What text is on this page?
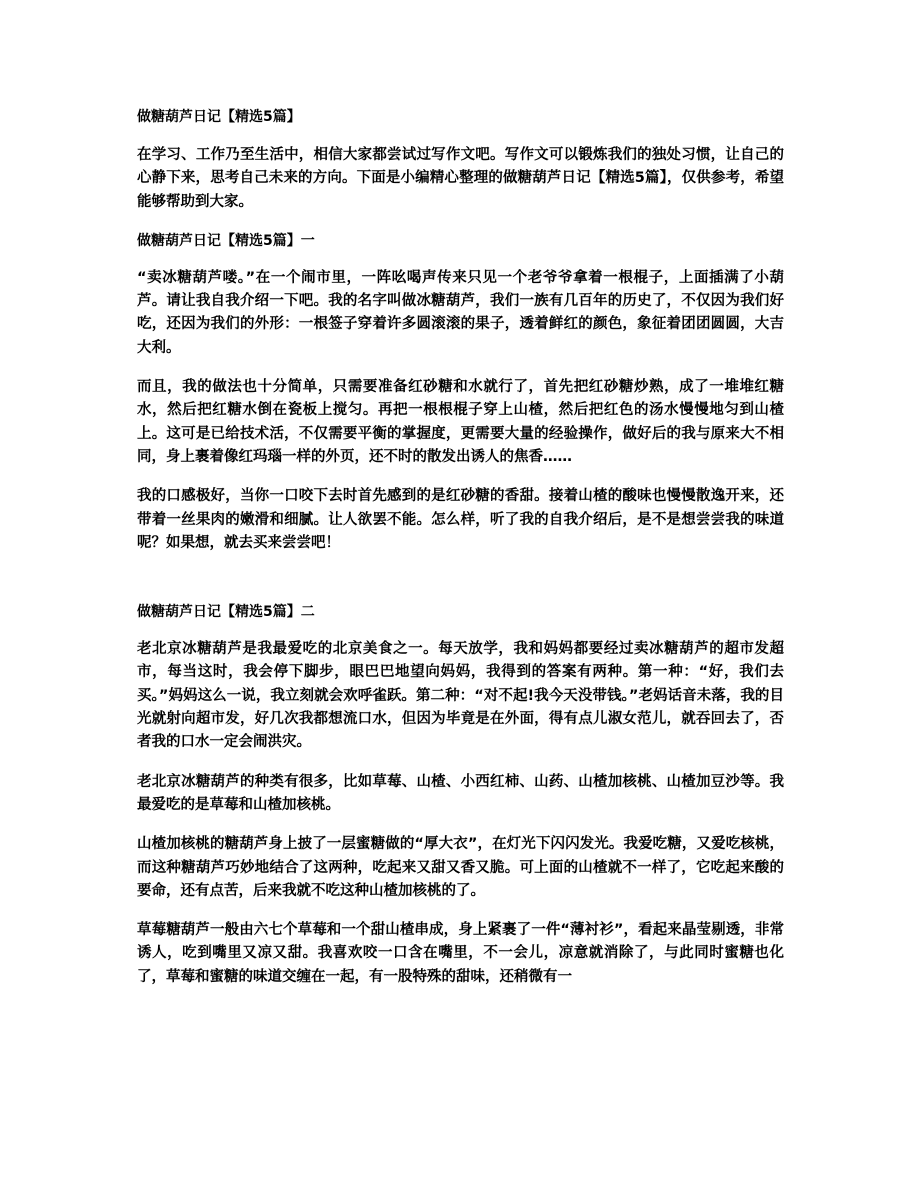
做糖葫芦日记【精选5篇】

在学习、工作乃至生活中，相信大家都尝试过写作文吧。写作文可以锻炼我们的独处习惯，让自己的心静下来，思考自己未来的方向。下面是小编精心整理的做糖葫芦日记【精选5篇】，仅供参考，希望能够帮助到大家。

做糖葫芦日记【精选5篇】一

“卖冰糖葫芦喽。”在一个闹市里，一阵吆喝声传来只见一个老爷爷拿着一根棍子，上面插满了小葫芦。请让我自我介绍一下吧。我的名字叫做冰糖葫芦，我们一族有几百年的历史了，不仅因为我们好吃，还因为我们的外形：一根签子穿着许多圆滚滚的果子，透着鲜红的颜色，象征着团团圆圆，大吉大利。

而且，我的做法也十分简单，只需要准备红砂糖和水就行了，首先把红砂糖炒熟，成了一堆堆红糖水，然后把红糖水倒在瓷板上搅匀。再把一根根棍子穿上山楂，然后把红色的汤水慢慢地匀到山楂上。这可是已给技术活，不仅需要平衡的掌握度，更需要大量的经验操作，做好后的我与原来大不相同，身上裹着像红玛瑙一样的外页，还不时的散发出诱人的焦香……

我的口感极好，当你一口咬下去时首先感到的是红砂糖的香甜。接着山楂的酸味也慢慢散逸开来，还带着一丝果肉的嫩滑和细腻。让人欲罢不能。怎么样，听了我的自我介绍后，是不是想尝尝我的味道呢？如果想，就去买来尝尝吧！

做糖葫芦日记【精选5篇】二

老北京冰糖葫芦是我最爱吃的北京美食之一。每天放学，我和妈妈都要经过卖冰糖葫芦的超市发超市，每当这时，我会停下脚步，眼巴巴地望向妈妈，我得到的答案有两种。第一种：“好，我们去买。”妈妈这么一说，我立刻就会欢呼雀跃。第二种：“对不起!我今天没带钱。”老妈话音未落，我的目光就射向超市发，好几次我都想流口水，但因为毕竟是在外面，得有点儿淑女范儿，就吞回去了，否者我的口水一定会闹洪灾。

老北京冰糖葫芦的种类有很多，比如草莓、山楂、小西红柿、山药、山楂加核桃、山楂加豆沙等。我最爱吃的是草莓和山楂加核桃。

山楂加核桃的糖葫芦身上披了一层蜜糖做的“厚大衣”，在灯光下闪闪发光。我爱吃糖，又爱吃核桃，而这种糖葫芦巧妙地结合了这两种，吃起来又甜又香又脆。可上面的山楂就不一样了，它吃起来酸的要命，还有点苦，后来我就不吃这种山楂加核桃的了。

草莓糖葫芦一般由六七个草莓和一个甜山楂串成，身上紧裹了一件“薄衬衫”，看起来晶莹剔透，非常诱人，吃到嘴里又凉又甜。我喜欢咬一口含在嘴里，不一会儿，凉意就消除了，与此同时蜜糖也化了，草莓和蜜糖的味道交缠在一起，有一股特殊的甜味，还稍微有一
